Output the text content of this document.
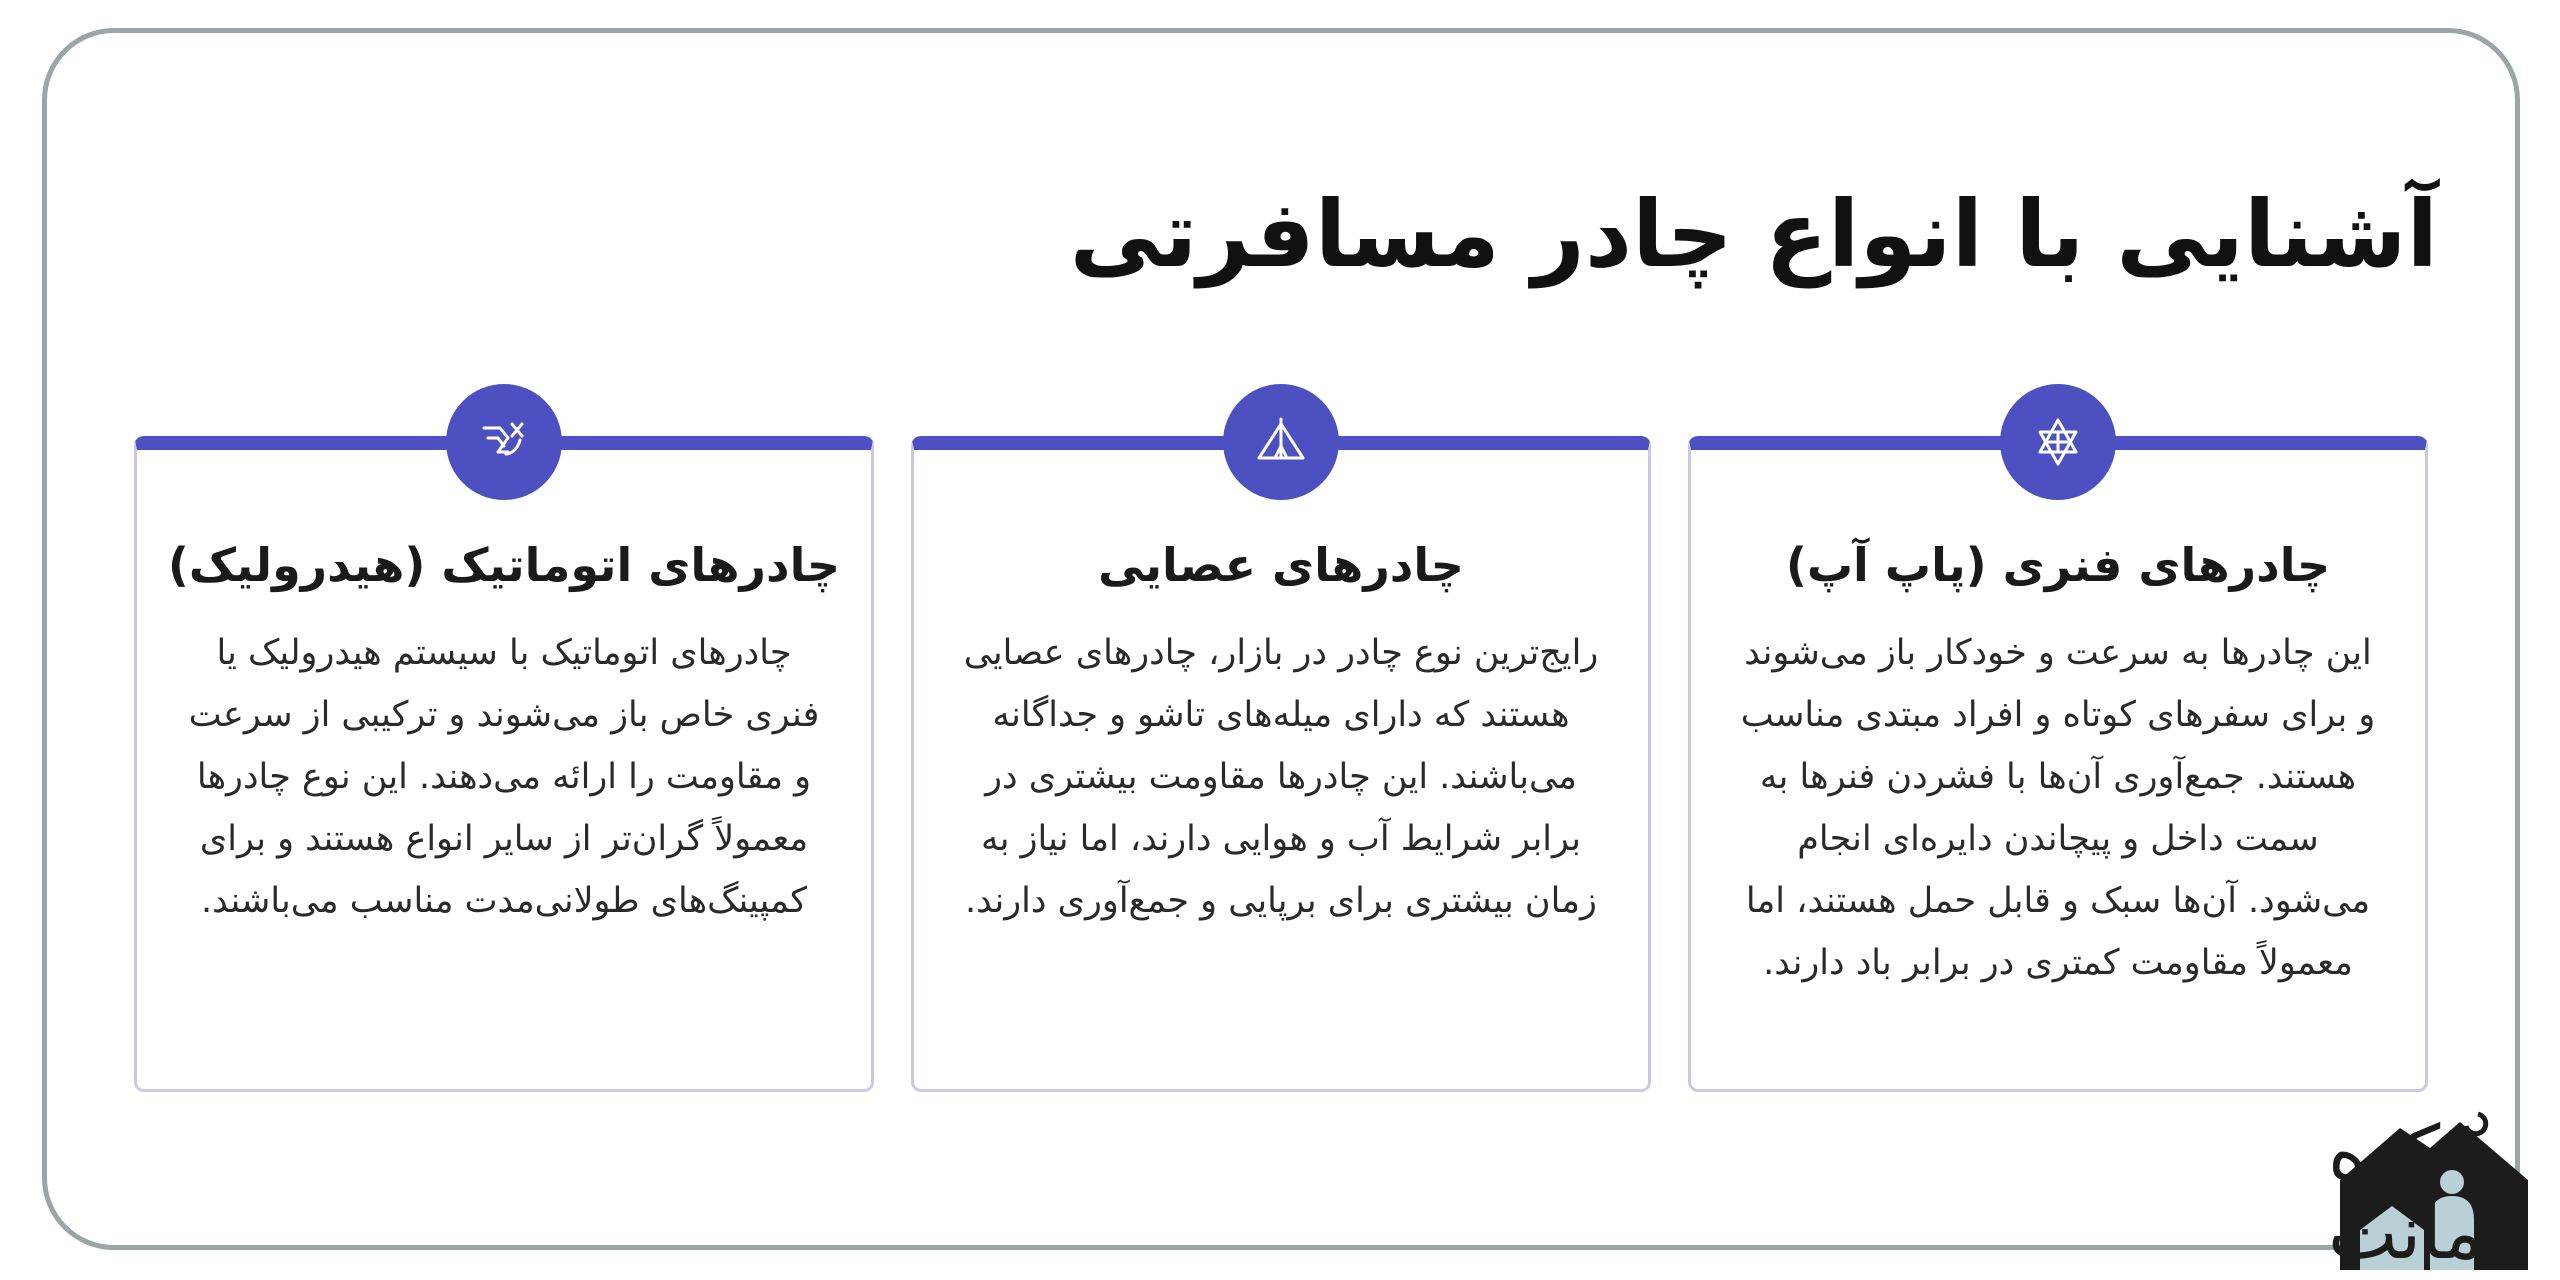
آشنایی با انواع چادر مسافرتی
چادرهای فنری (پاپ آپ)

این چادرها به سرعت و خودکار باز می‌شوند و برای سفرهای کوتاه و افراد مبتدی مناسب هستند. جمع‌آوری آن‌ها با فشردن فنرها به سمت داخل و پیچاندن دایره‌ای انجام می‌شود. آن‌ها سبک و قابل حمل هستند، اما معمولاً مقاومت کمتری در برابر باد دارند.

چادرهای عصایی

رایج‌ترین نوع چادر در بازار، چادرهای عصایی هستند که دارای میله‌های تاشو و جداگانه می‌باشند. این چادرها مقاومت بیشتری در برابر شرایط آب و هوایی دارند، اما نیاز به زمان بیشتری برای برپایی و جمع‌آوری دارند.

چادرهای اتوماتیک (هیدرولیک)

چادرهای اتوماتیک با سیستم هیدرولیک یا فنری خاص باز می‌شوند و ترکیبی از سرعت و مقاومت را ارائه می‌دهند. این نوع چادرها معمولاً گران‌تر از سایر انواع هستند و برای کمپینگ‌های طولانی‌مدت مناسب می‌باشند.

کوه
مانت
